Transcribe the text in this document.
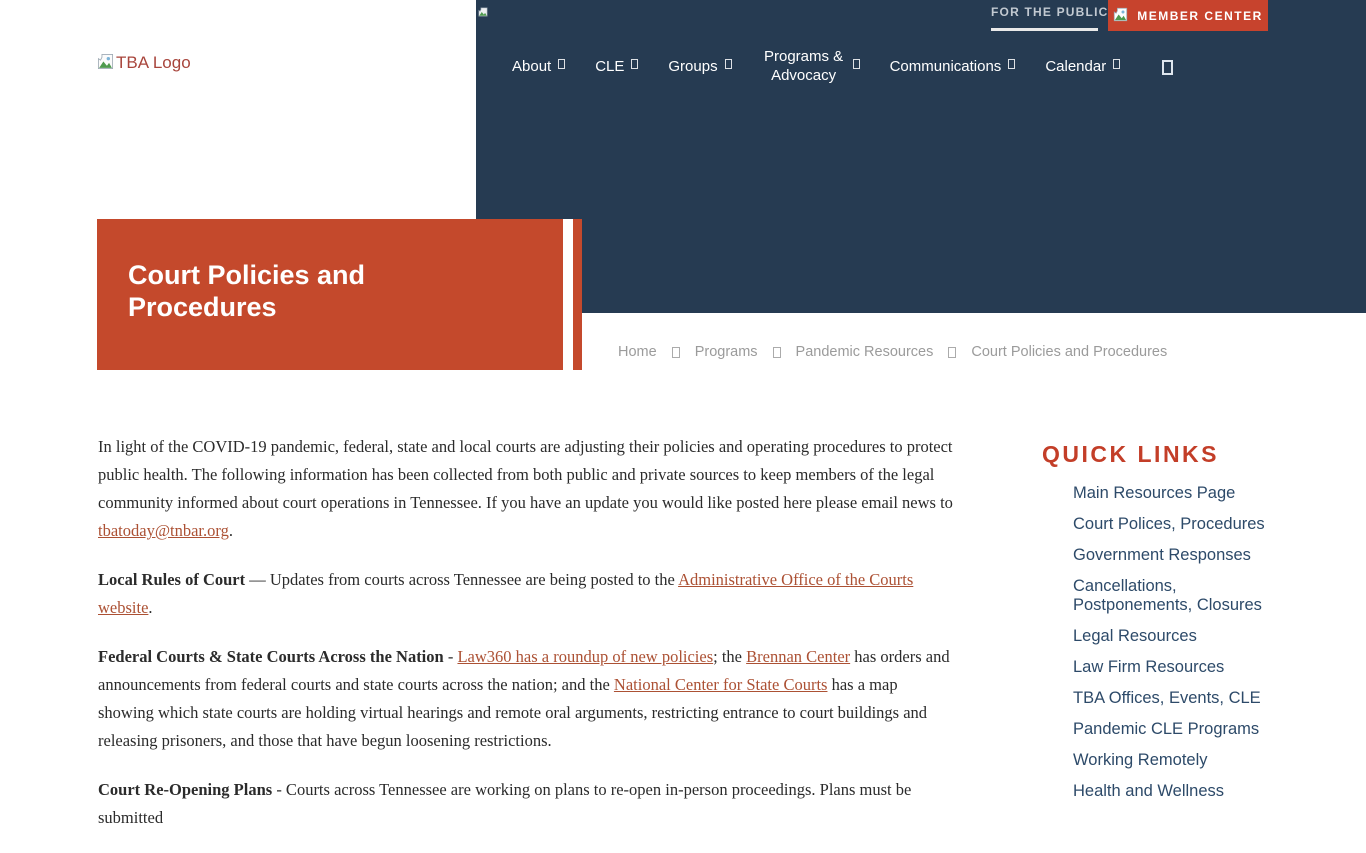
FOR THE PUBLIC MEMBER CENTER
About	CLE	Groups
Programs & Advocacy
Communications	Calendar
TBA Logo
Court Policies and Procedures
Home	Programs	Pandemic Resources	Court Policies and Procedures

In light of the COVID-19 pandemic, federal, state and local courts are adjusting their policies and operating procedures to protect public health. The following information has been collected from both public and private sources to keep members of the legal community informed about court operations in Tennessee. If you have an update you would like posted here please email news to tbatoday@tnbar.org.

Local Rules of Court — Updates from courts across Tennessee are being posted to the Administrative Office of the Courts website.

Federal Courts & State Courts Across the Nation - Law360 has a roundup of new policies; the Brennan Center has orders and announcements from federal courts and state courts across the nation; and the National Center for State Courts has a map showing which state courts are holding virtual hearings and remote oral arguments, restricting entrance to court buildings and releasing prisoners, and those that have begun loosening restrictions.

Court Re-Opening Plans - Courts across Tennessee are working on plans to re-open in-person proceedings. Plans must be submitted

QUICK LINKS
Main Resources Page
Court Polices, Procedures
Government Responses
Cancellations, Postponements, Closures
Legal Resources
Law Firm Resources
TBA Offices, Events, CLE
Pandemic CLE Programs
Working Remotely
Health and Wellness
